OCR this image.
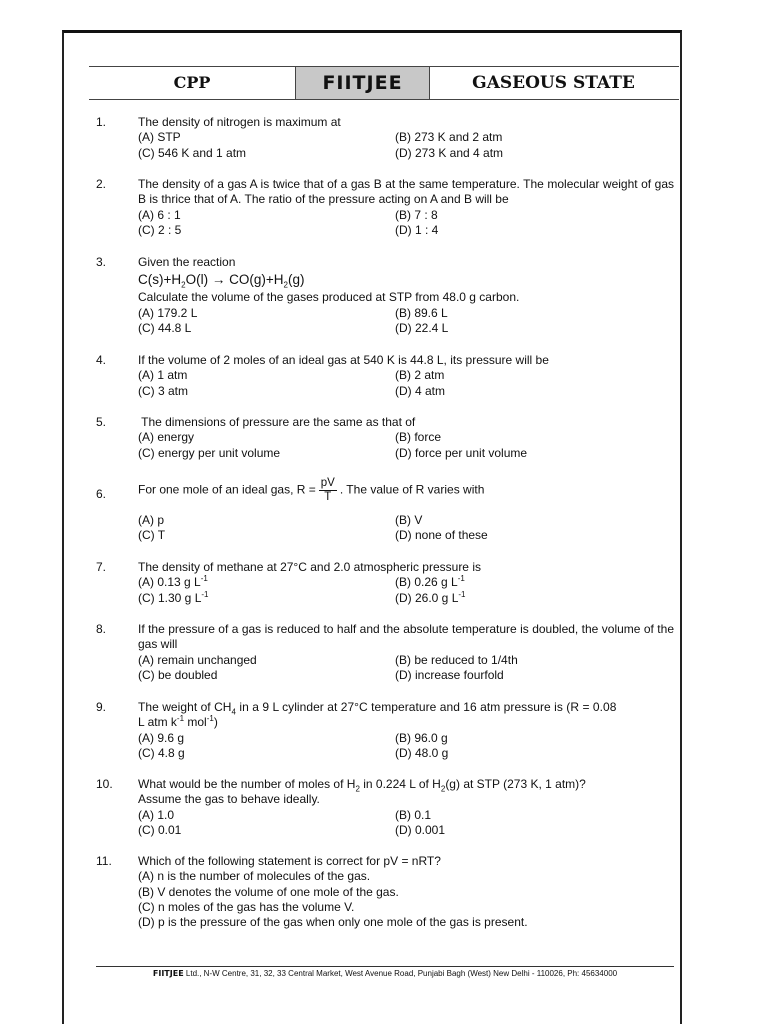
CPP	FIITJEE	GASEOUS STATE
1.	The density of nitrogen is maximum at
(A) STP	(B) 273 K and 2 atm
(C) 546 K and 1 atm	(D) 273 K and 4 atm
2.	The density of a gas A is twice that of a gas B at the same temperature. The molecular weight of gas B is thrice that of A. The ratio of the pressure acting on A and B will be
(A) 6 : 1	(B) 7 : 8
(C) 2 : 5	(D) 1 : 4
3.	Given the reaction
$C(s)+H_2O(l) \to CO(g)+H_2(g)$
Calculate the volume of the gases produced at STP from 48.0 g carbon.
(A) 179.2 L	(B) 89.6 L
(C) 44.8 L	(D) 22.4 L
4.	If the volume of 2 moles of an ideal gas at 540 K is 44.8 L, its pressure will be
(A) 1 atm	(B) 2 atm
(C) 3 atm	(D) 4 atm
5.	The dimensions of pressure are the same as that of
(A) energy	(B) force
(C) energy per unit volume	(D) force per unit volume
6.	For one mole of an ideal gas, $R = \frac{pV}{T}$ . The value of R varies with
(A) p	(B) V
(C) T	(D) none of these
7.	The density of methane at 27°C and 2.0 atmospheric pressure is
(A) 0.13 g $L^{-1}$	(B) 0.26 g $L^{-1}$
(C) 1.30 g $L^{-1}$	(D) 26.0 g $L^{-1}$
8.	If the pressure of a gas is reduced to half and the absolute temperature is doubled, the volume of the gas will
(A) remain unchanged	(B) be reduced to 1/4th
(C) be doubled	(D) increase fourfold
9.	The weight of $CH_4$ in a 9 L cylinder at 27°C temperature and 16 atm pressure is (R = 0.08
L atm $k^{-1}$ mol$^{-1}$)
(A) 9.6 g	(B) 96.0 g
(C) 4.8 g	(D) 48.0 g
10. What would be the number of moles of $H_2$ in 0.224 L of $H_2(g)$ at STP (273 K, 1 atm)?
Assume the gas to behave ideally.
(A) 1.0	(B) 0.1
(C) 0.01	(D) 0.001
11. Which of the following statement is correct for pV = nRT?
(A) n is the number of molecules of the gas.
(B) V denotes the volume of one mole of the gas.
(C) n moles of the gas has the volume V.
(D) p is the pressure of the gas when only one mole of the gas is present.
FIITJEE Ltd., N-W Centre, 31, 32, 33 Central Market, West Avenue Road, Punjabi Bagh (West) New Delhi - 110026, Ph: 45634000
